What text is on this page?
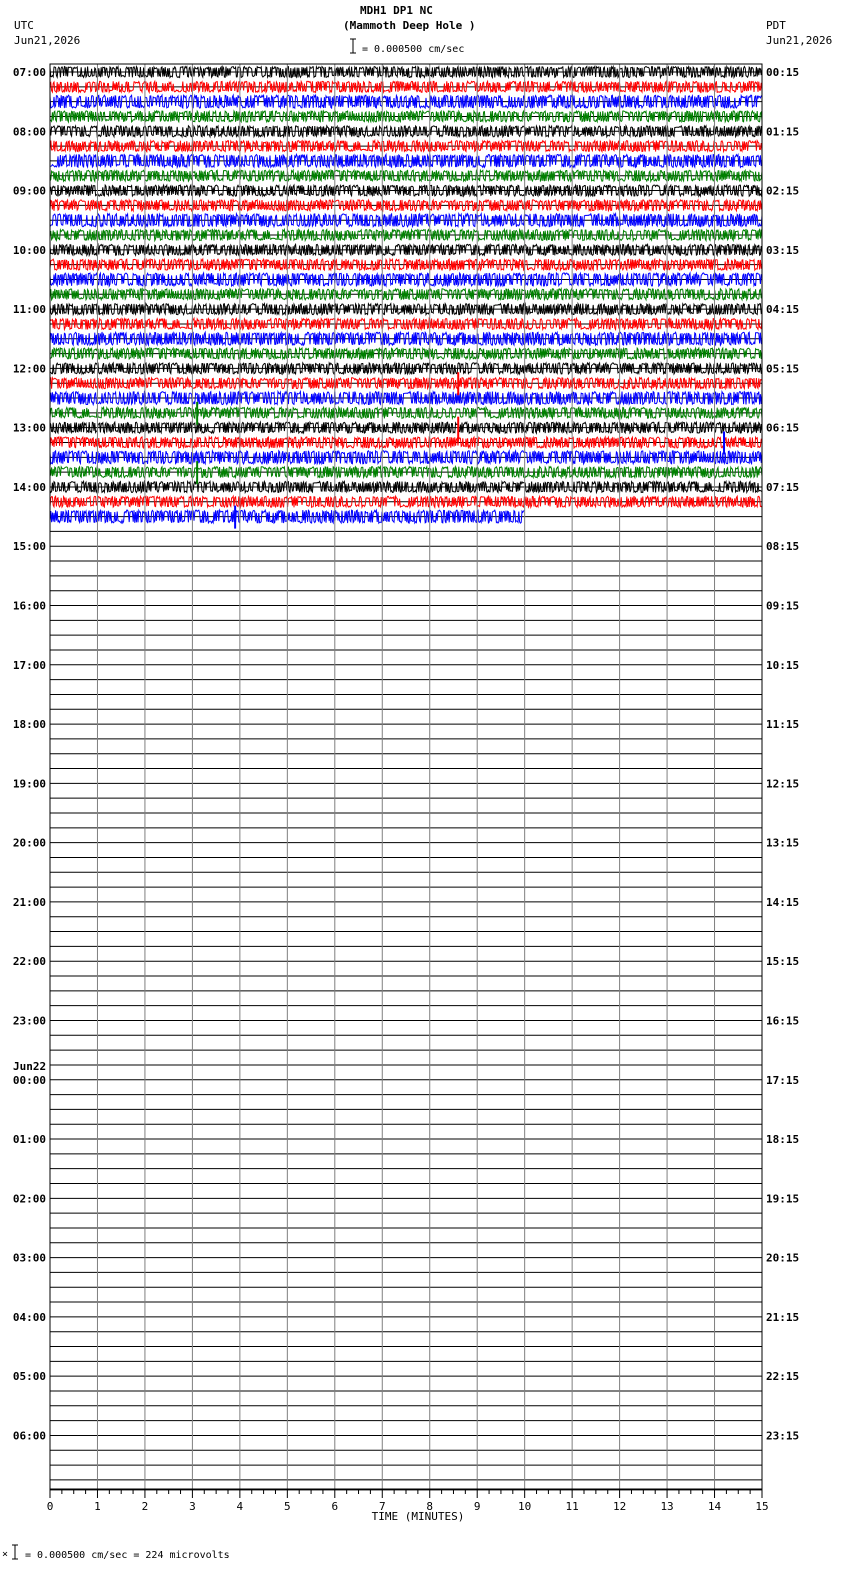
0	1	2	3	4	5	6	7	8	9	10	11	12	13	14	15
TIME (MINUTES)
07:00
08:00
09:00
10:00
11:00
12:00
13:00
14:00
15:00
16:00
17:00
18:00
19:00
20:00
21:00
22:00
23:00
00:00
01:00
02:00
03:00
04:00
05:00
06:00
Jun22
00:15
01:15
02:15
03:15
04:15
05:15
06:15
07:15
08:15
09:15
10:15
11:15
12:15
13:15
14:15
15:15
16:15
17:15
18:15
19:15
20:15
21:15
22:15
23:15
MDH1 DP1 NC
(Mammoth Deep Hole )
UTC
Jun21,2026
PDT
Jun21,2026
= 0.000500 cm/sec
× = 0.000500 cm/sec = 224 microvolts
